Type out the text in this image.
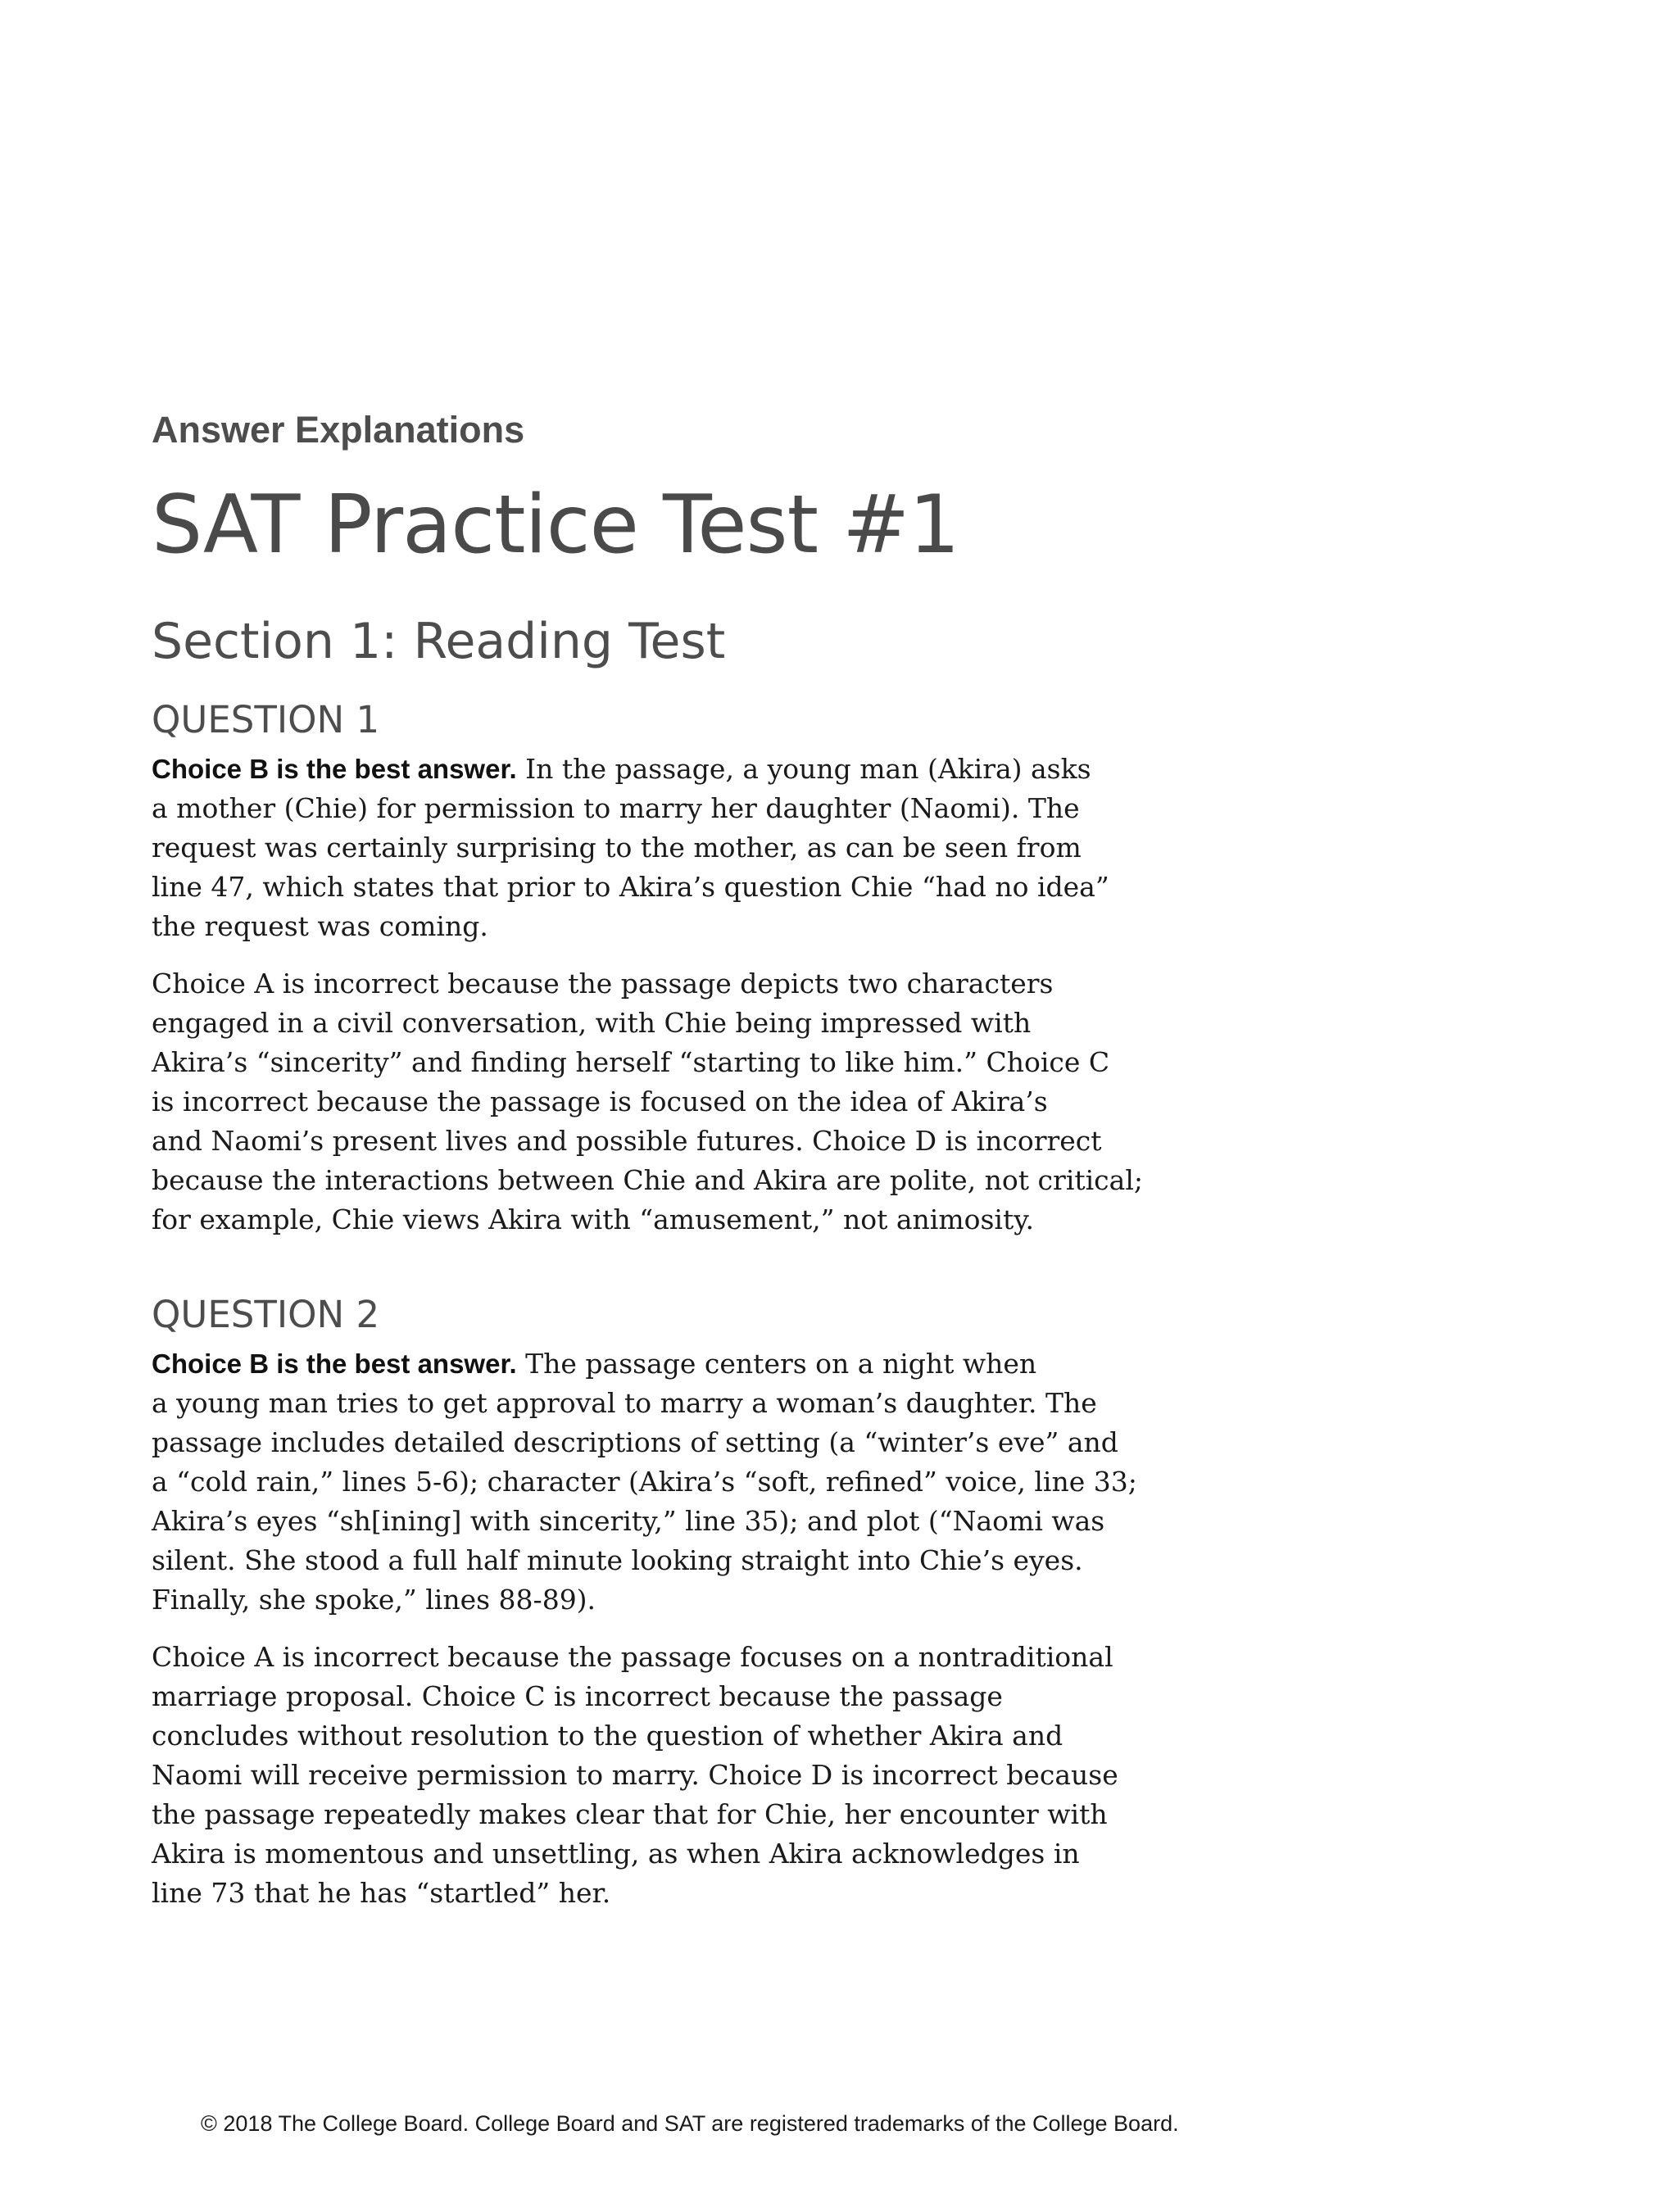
Answer Explanations
SAT Practice Test #1
Section 1: Reading Test
QUESTION 1

Choice B is the best answer. In the passage, a young man (Akira) asks
a mother (Chie) for permission to marry her daughter (Naomi). The
request was certainly surprising to the mother, as can be seen from
line 47, which states that prior to Akira’s question Chie “had no idea”
the request was coming.

Choice A is incorrect because the passage depicts two characters
engaged in a civil conversation, with Chie being impressed with
Akira’s “sincerity” and finding herself “starting to like him.” Choice C
is incorrect because the passage is focused on the idea of Akira’s
and Naomi’s present lives and possible futures. Choice D is incorrect
because the interactions between Chie and Akira are polite, not critical;
for example, Chie views Akira with “amusement,” not animosity.

QUESTION 2

Choice B is the best answer. The passage centers on a night when
a young man tries to get approval to marry a woman’s daughter. The
passage includes detailed descriptions of setting (a “winter’s eve” and
a “cold rain,” lines 5-6); character (Akira’s “soft, refined” voice, line 33;
Akira’s eyes “sh[ining] with sincerity,” line 35); and plot (“Naomi was
silent. She stood a full half minute looking straight into Chie’s eyes.
Finally, she spoke,” lines 88-89).

Choice A is incorrect because the passage focuses on a nontraditional
marriage proposal. Choice C is incorrect because the passage
concludes without resolution to the question of whether Akira and
Naomi will receive permission to marry. Choice D is incorrect because
the passage repeatedly makes clear that for Chie, her encounter with
Akira is momentous and unsettling, as when Akira acknowledges in
line 73 that he has “startled” her.

© 2018 The College Board. College Board and SAT are registered trademarks of the College Board.
